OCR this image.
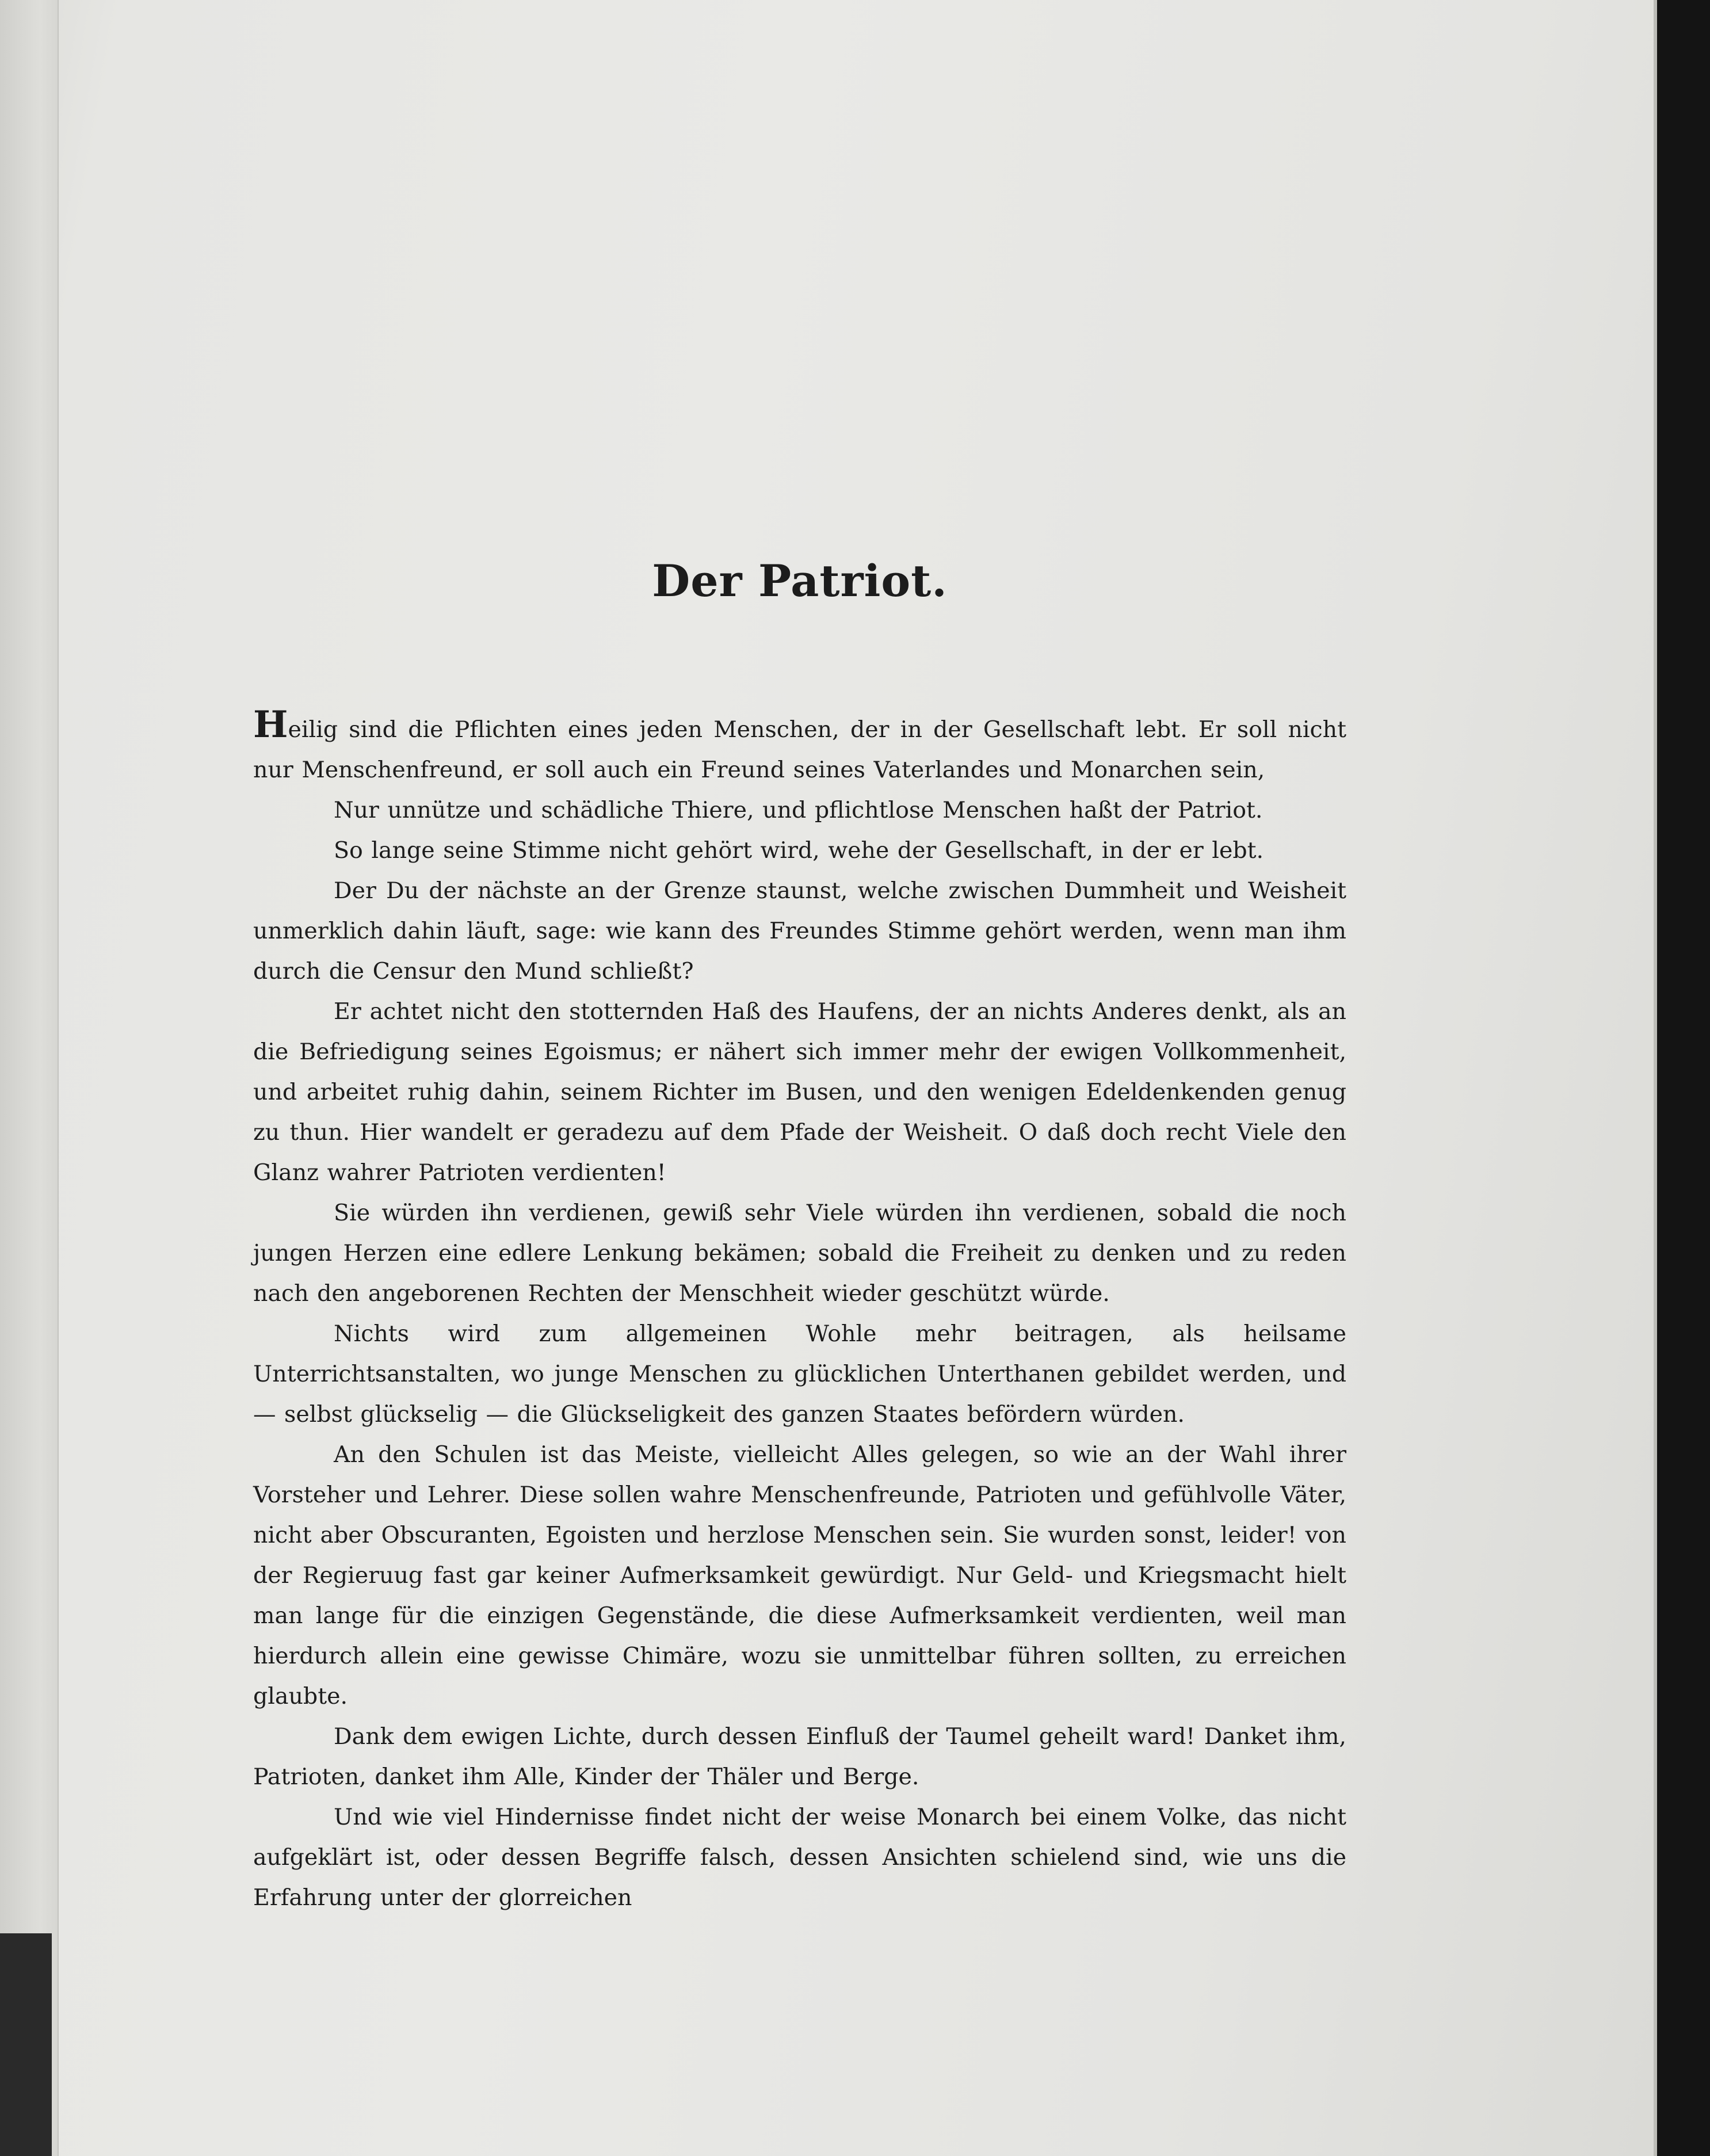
Der Patriot.

Heilig sind die Pflichten eines jeden Menschen, der in der Gesellschaft lebt. Er soll nicht nur Menschenfreund, er soll auch ein Freund seines Vaterlandes und Monarchen sein,

Nur unnütze und schädliche Thiere, und pflichtlose Menschen haßt der Patriot.

So lange seine Stimme nicht gehört wird, wehe der Gesellschaft, in der er lebt.

Der Du der nächste an der Grenze staunst, welche zwischen Dummheit und Weisheit unmerklich dahin läuft, sage: wie kann des Freundes Stimme gehört werden, wenn man ihm durch die Censur den Mund schließt?

Er achtet nicht den stotternden Haß des Haufens, der an nichts Anderes denkt, als an die Befriedigung seines Egoismus; er nähert sich immer mehr der ewigen Vollkommenheit, und arbeitet ruhig dahin, seinem Richter im Busen, und den wenigen Edeldenkenden genug zu thun. Hier wandelt er geradezu auf dem Pfade der Weisheit. O daß doch recht Viele den Glanz wahrer Patrioten verdienten!

Sie würden ihn verdienen, gewiß sehr Viele würden ihn verdienen, sobald die noch jungen Herzen eine edlere Lenkung bekämen; sobald die Freiheit zu denken und zu reden nach den angeborenen Rechten der Menschheit wieder geschützt würde.

Nichts wird zum allgemeinen Wohle mehr beitragen, als heilsame Unterrichtsanstalten, wo junge Menschen zu glücklichen Unterthanen gebildet werden, und — selbst glückselig — die Glückseligkeit des ganzen Staates befördern würden.

An den Schulen ist das Meiste, vielleicht Alles gelegen, so wie an der Wahl ihrer Vorsteher und Lehrer. Diese sollen wahre Menschenfreunde, Patrioten und gefühlvolle Väter, nicht aber Obscuranten, Egoisten und herzlose Menschen sein. Sie wurden sonst, leider! von der Regieruug fast gar keiner Aufmerksamkeit gewürdigt. Nur Geld- und Kriegsmacht hielt man lange für die einzigen Gegenstände, die diese Aufmerksamkeit verdienten, weil man hierdurch allein eine gewisse Chimäre, wozu sie unmittelbar führen sollten, zu erreichen glaubte.

Dank dem ewigen Lichte, durch dessen Einfluß der Taumel geheilt ward! Danket ihm, Patrioten, danket ihm Alle, Kinder der Thäler und Berge.

Und wie viel Hindernisse findet nicht der weise Monarch bei einem Volke, das nicht aufgeklärt ist, oder dessen Begriffe falsch, dessen Ansichten schielend sind, wie uns die Erfahrung unter der glorreichen
